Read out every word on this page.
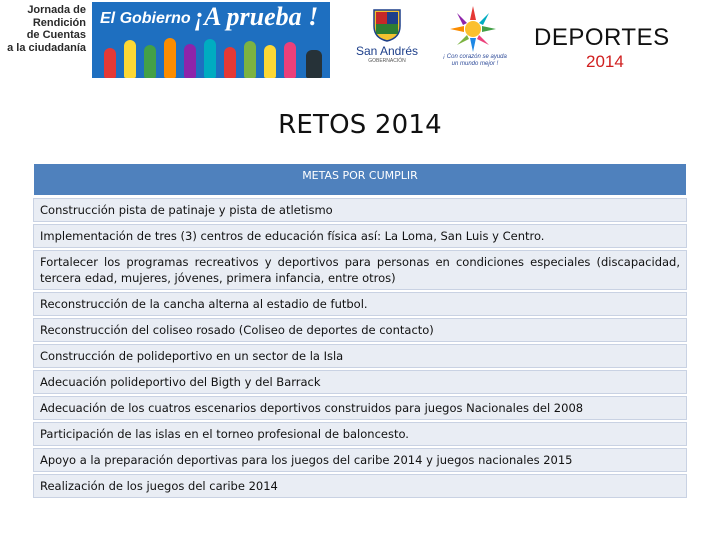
Jornada de
Rendición
de Cuentas
a la ciudadanía
El Gobierno ¡A prueba !
San Andrés
GOBERNACIÓN
¡ Con corazón se ayuda un mundo mejor !
DEPORTES
2014
RETOS 2014
METAS POR CUMPLIR
Construcción pista de patinaje y pista de atletismo
Implementación de tres (3) centros de educación física así: La Loma, San Luis y Centro.
Fortalecer los programas recreativos y deportivos para personas en condiciones especiales (discapacidad, tercera edad, mujeres, jóvenes, primera infancia, entre otros)
Reconstrucción de la cancha alterna al estadio de futbol.
Reconstrucción del coliseo rosado (Coliseo de deportes de contacto)
Construcción de polideportivo en un sector de la Isla
Adecuación polideportivo del Bigth y del Barrack
Adecuación de los cuatros escenarios deportivos construidos para juegos Nacionales del 2008
Participación de las islas en el torneo profesional de baloncesto.
Apoyo a la preparación deportivas para los juegos del caribe 2014 y juegos nacionales 2015
Realización de los juegos del caribe 2014
